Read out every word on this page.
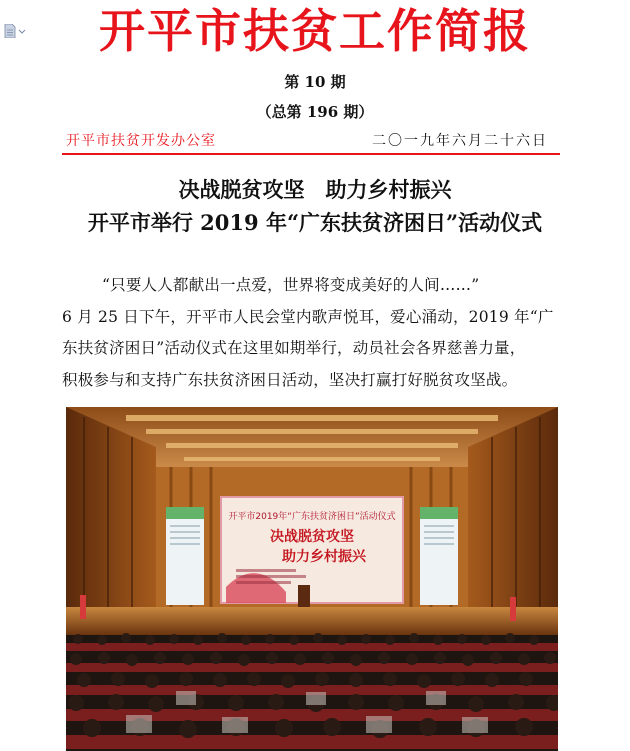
开平市扶贫工作简报
第 10 期
（总第 196 期）
开平市扶贫开发办公室	二〇一九年六月二十六日
决战脱贫攻坚　助力乡村振兴
开平市举行 2019 年“广东扶贫济困日”活动仪式
“只要人人都献出一点爱，世界将变成美好的人间……”
6 月 25 日下午，开平市人民会堂内歌声悦耳，爱心涌动，2019 年“广
东扶贫济困日”活动仪式在这里如期举行，动员社会各界慈善力量，
积极参与和支持广东扶贫济困日活动，坚决打赢打好脱贫攻坚战。
开平市2019年“广东扶贫济困日”活动仪式
决战脱贫攻坚
助力乡村振兴
